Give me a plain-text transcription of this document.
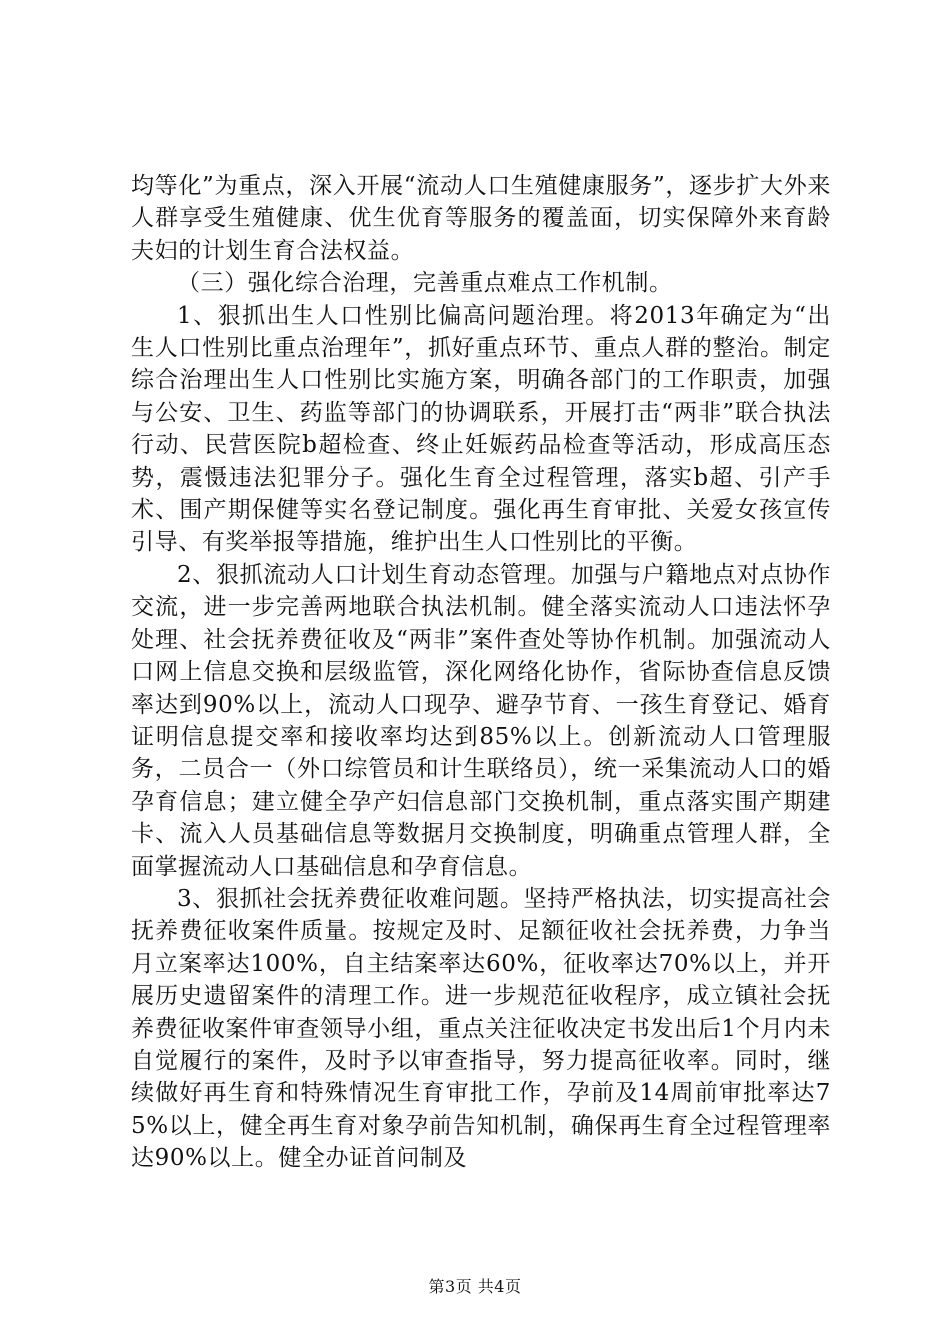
均等化”为重点，深入开展“流动人口生殖健康服务”，逐步扩大外来人群享受生殖健康、优生优育等服务的覆盖面，切实保障外来育龄夫妇的计划生育合法权益。

（三）强化综合治理，完善重点难点工作机制。

1、狠抓出生人口性别比偏高问题治理。将2013年确定为“出生人口性别比重点治理年”，抓好重点环节、重点人群的整治。制定综合治理出生人口性别比实施方案，明确各部门的工作职责，加强与公安、卫生、药监等部门的协调联系，开展打击“两非”联合执法行动、民营医院b超检查、终止妊娠药品检查等活动，形成高压态势，震慑违法犯罪分子。强化生育全过程管理，落实b超、引产手术、围产期保健等实名登记制度。强化再生育审批、关爱女孩宣传引导、有奖举报等措施，维护出生人口性别比的平衡。

2、狠抓流动人口计划生育动态管理。加强与户籍地点对点协作交流，进一步完善两地联合执法机制。健全落实流动人口违法怀孕处理、社会抚养费征收及“两非”案件查处等协作机制。加强流动人口网上信息交换和层级监管，深化网络化协作，省际协查信息反馈率达到90%以上，流动人口现孕、避孕节育、一孩生育登记、婚育证明信息提交率和接收率均达到85%以上。创新流动人口管理服务，二员合一（外口综管员和计生联络员），统一采集流动人口的婚孕育信息；建立健全孕产妇信息部门交换机制，重点落实围产期建卡、流入人员基础信息等数据月交换制度，明确重点管理人群，全面掌握流动人口基础信息和孕育信息。

3、狠抓社会抚养费征收难问题。坚持严格执法，切实提高社会抚养费征收案件质量。按规定及时、足额征收社会抚养费，力争当月立案率达100%，自主结案率达60%，征收率达70%以上，并开展历史遗留案件的清理工作。进一步规范征收程序，成立镇社会抚养费征收案件审查领导小组，重点关注征收决定书发出后1个月内未自觉履行的案件，及时予以审查指导，努力提高征收率。同时，继续做好再生育和特殊情况生育审批工作，孕前及14周前审批率达75%以上，健全再生育对象孕前告知机制，确保再生育全过程管理率达90%以上。健全办证首问制及

第3页 共4页
